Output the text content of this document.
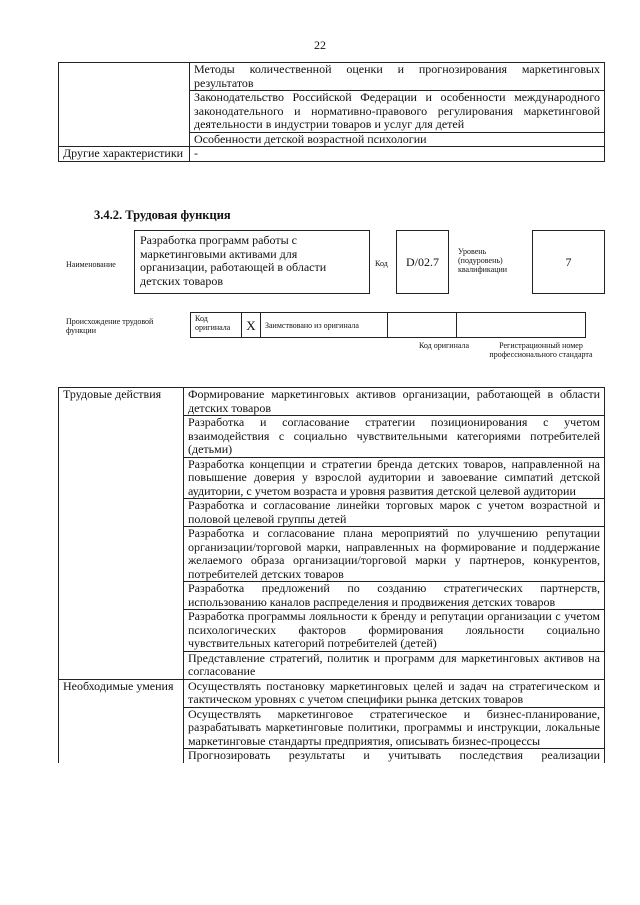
22
	Методы количественной оценки и прогнозирования маркетинговых результатов
	Законодательство Российской Федерации и особенности международного законодательного и нормативно-правового регулирования маркетинговой деятельности в индустрии товаров и услуг для детей
	Особенности детской возрастной психологии
Другие характеристики	-
3.4.2. Трудовая функция
Наименование
Разработка программ работы с маркетинговыми активами для организации, работающей в области детских товаров
Код	D/02.7
Уровень (подуровень) квалификации
7
Происхождение трудовой функции
Код оригинала	X	Заимствовано из оригинала		
Код оригинала	Регистрационный номер профессионального стандарта
Трудовые действия	Формирование маркетинговых активов организации, работающей в области детских товаров
	Разработка и согласование стратегии позиционирования с учетом взаимодействия с социально чувствительными категориями потребителей (детьми)
	Разработка концепции и стратегии бренда детских товаров, направленной на повышение доверия у взрослой аудитории и завоевание симпатий детской аудитории, с учетом возраста и уровня развития детской целевой аудитории
	Разработка и согласование линейки торговых марок с учетом возрастной и половой целевой группы детей
	Разработка и согласование плана мероприятий по улучшению репутации организации/торговой марки, направленных на формирование и поддержание желаемого образа организации/торговой марки у партнеров, конкурентов, потребителей детских товаров
	Разработка предложений по созданию стратегических партнерств, использованию каналов распределения и продвижения детских товаров
	Разработка программы лояльности к бренду и репутации организации с учетом психологических факторов формирования лояльности социально чувствительных категорий потребителей (детей)
	Представление стратегий, политик и программ для маркетинговых активов на согласование
Необходимые умения	Осуществлять постановку маркетинговых целей и задач на стратегическом и тактическом уровнях с учетом специфики рынка детских товаров
	Осуществлять маркетинговое стратегическое и бизнес-планирование, разрабатывать маркетинговые политики, программы и инструкции, локальные маркетинговые стандарты предприятия, описывать бизнес-процессы
	Прогнозировать результаты и учитывать последствия реализации
